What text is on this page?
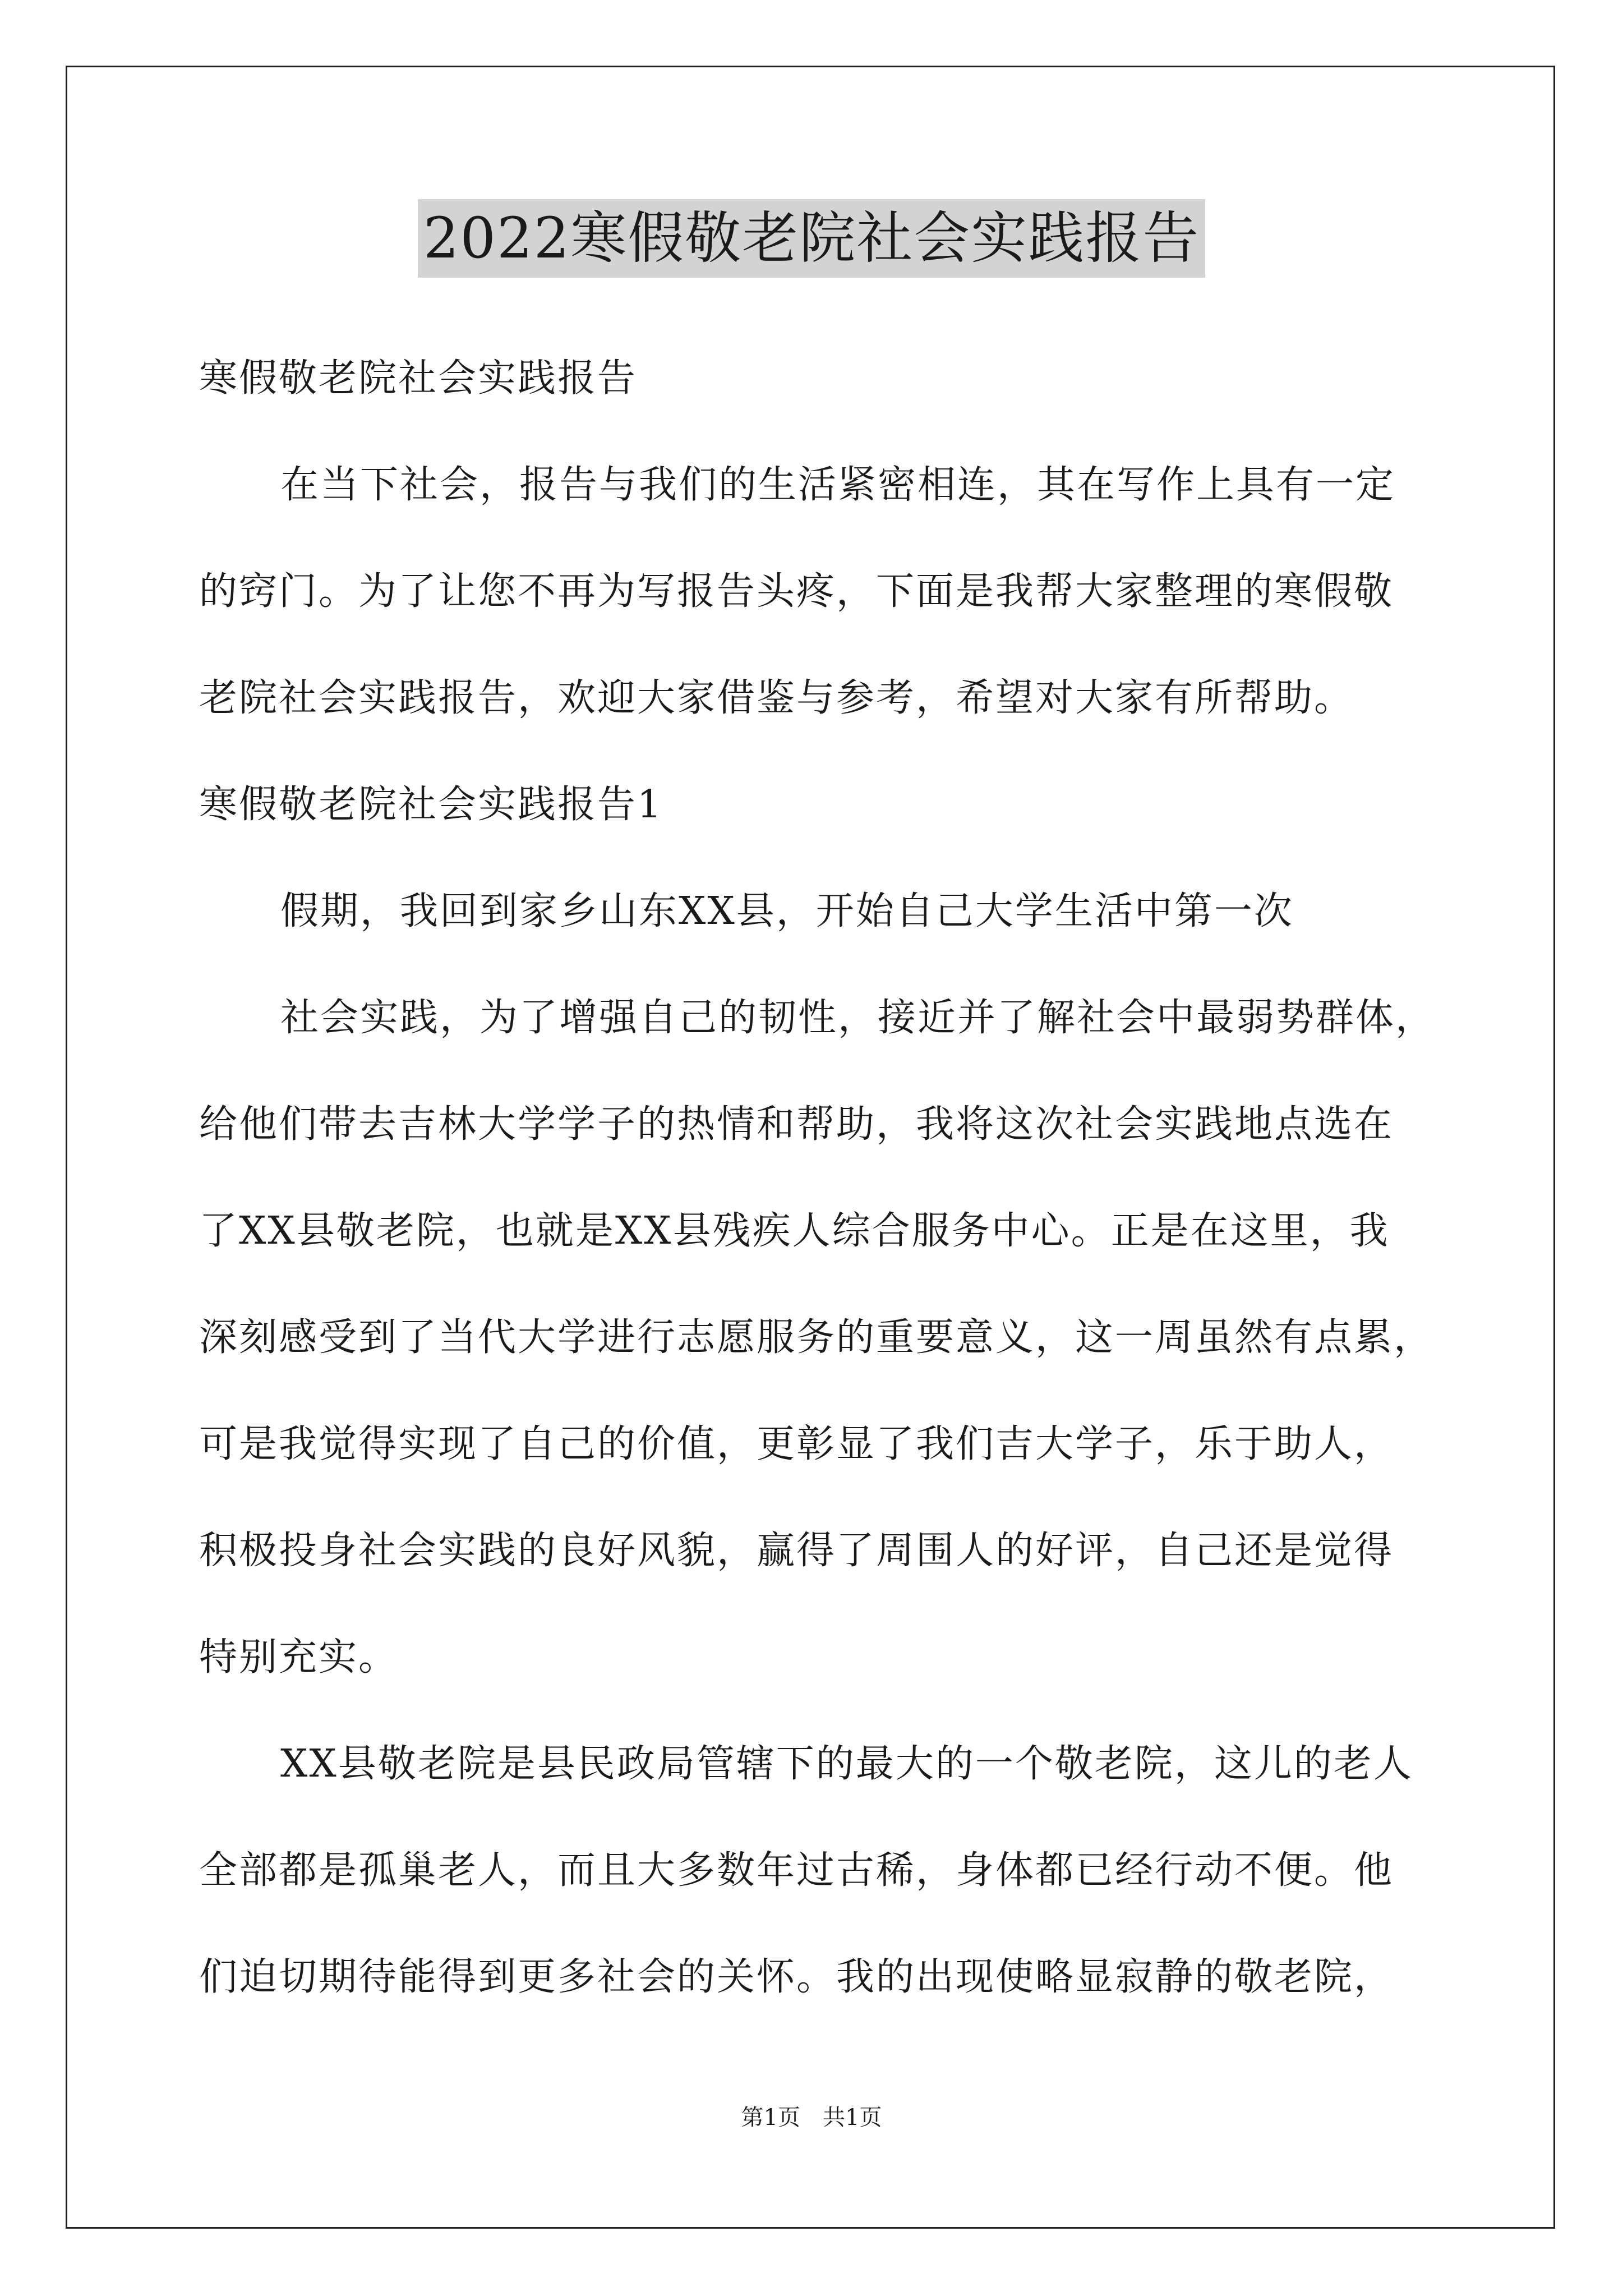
2022寒假敬老院社会实践报告
寒假敬老院社会实践报告
在当下社会，报告与我们的生活紧密相连，其在写作上具有一定
的窍门。为了让您不再为写报告头疼，下面是我帮大家整理的寒假敬
老院社会实践报告，欢迎大家借鉴与参考，希望对大家有所帮助。
寒假敬老院社会实践报告1
假期，我回到家乡山东XX县，开始自己大学生活中第一次
社会实践，为了增强自己的韧性，接近并了解社会中最弱势群体，
给他们带去吉林大学学子的热情和帮助，我将这次社会实践地点选在
了XX县敬老院，也就是XX县残疾人综合服务中心。正是在这里，我
深刻感受到了当代大学进行志愿服务的重要意义，这一周虽然有点累，
可是我觉得实现了自己的价值，更彰显了我们吉大学子，乐于助人，
积极投身社会实践的良好风貌，赢得了周围人的好评，自己还是觉得
特别充实。
XX县敬老院是县民政局管辖下的最大的一个敬老院，这儿的老人
全部都是孤巢老人，而且大多数年过古稀，身体都已经行动不便。他
们迫切期待能得到更多社会的关怀。我的出现使略显寂静的敬老院，
第1页　共1页
